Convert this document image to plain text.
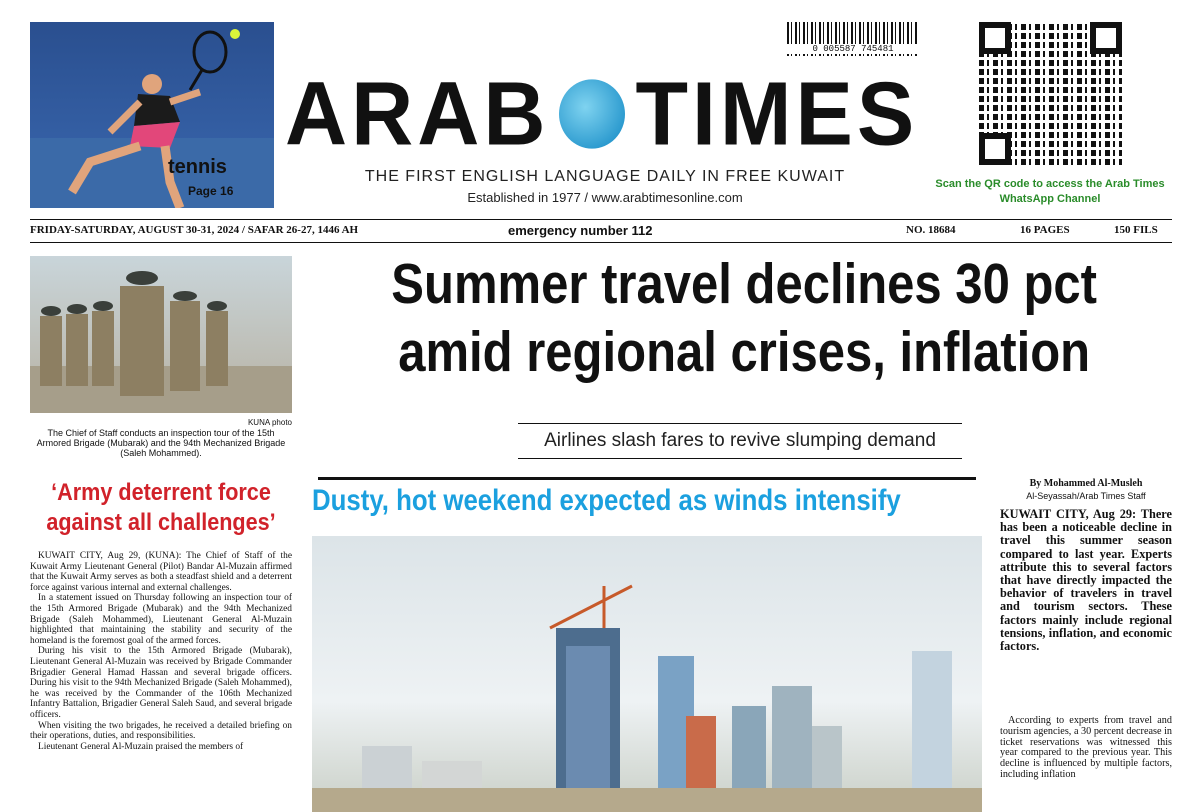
tennis
Page 16
ARAB TIMES
THE FIRST ENGLISH LANGUAGE DAILY IN FREE KUWAIT
Established in 1977 / www.arabtimesonline.com
0 005587 745481
Scan the QR code to access the Arab Times WhatsApp Channel
FRIDAY-SATURDAY, AUGUST 30-31, 2024 / SAFAR 26-27, 1446 AH	emergency number 112	NO. 18684	16 PAGES	150 FILS
KUNA photo
The Chief of Staff conducts an inspection tour of the 15th Armored Brigade (Mubarak) and the 94th Mechanized Brigade (Saleh Mohammed).
‘Army deterrent force against all challenges’

KUWAIT CITY, Aug 29, (KUNA): The Chief of Staff of the Kuwait Army Lieutenant General (Pilot) Bandar Al-Muzain affirmed that the Kuwait Army serves as both a steadfast shield and a deterrent force against various internal and external challenges.

In a statement issued on Thursday following an inspection tour of the 15th Armored Brigade (Mubarak) and the 94th Mechanized Brigade (Saleh Mohammed), Lieutenant General Al-Muzain highlighted that maintaining the stability and security of the homeland is the foremost goal of the armed forces.

During his visit to the 15th Armored Brigade (Mubarak), Lieutenant General Al-Muzain was received by Brigade Commander Brigadier General Hamad Hassan and several brigade officers. During his visit to the 94th Mechanized Brigade (Saleh Mohammed), he was received by the Commander of the 106th Mechanized Infantry Battalion, Brigadier General Saleh Saud, and several brigade officers.

When visiting the two brigades, he received a detailed briefing on their operations, duties, and responsibilities.

Lieutenant General Al-Muzain praised the members of

Summer travel declines 30 pct
amid regional crises, inflation
Airlines slash fares to revive slumping demand
Dusty, hot weekend expected as winds intensify
By Mohammed Al-Musleh
Al-Seyassah/Arab Times Staff
KUWAIT CITY, Aug 29: There has been a noticeable decline in travel this summer season compared to last year. Experts attribute this to several factors that have directly impacted the behavior of travelers in travel and tourism sectors. These factors mainly include regional tensions, inflation, and economic factors.

According to experts from travel and tourism agencies, a 30 percent decrease in ticket reservations was witnessed this year compared to the previous year. This decline is influenced by multiple factors, including inflation
